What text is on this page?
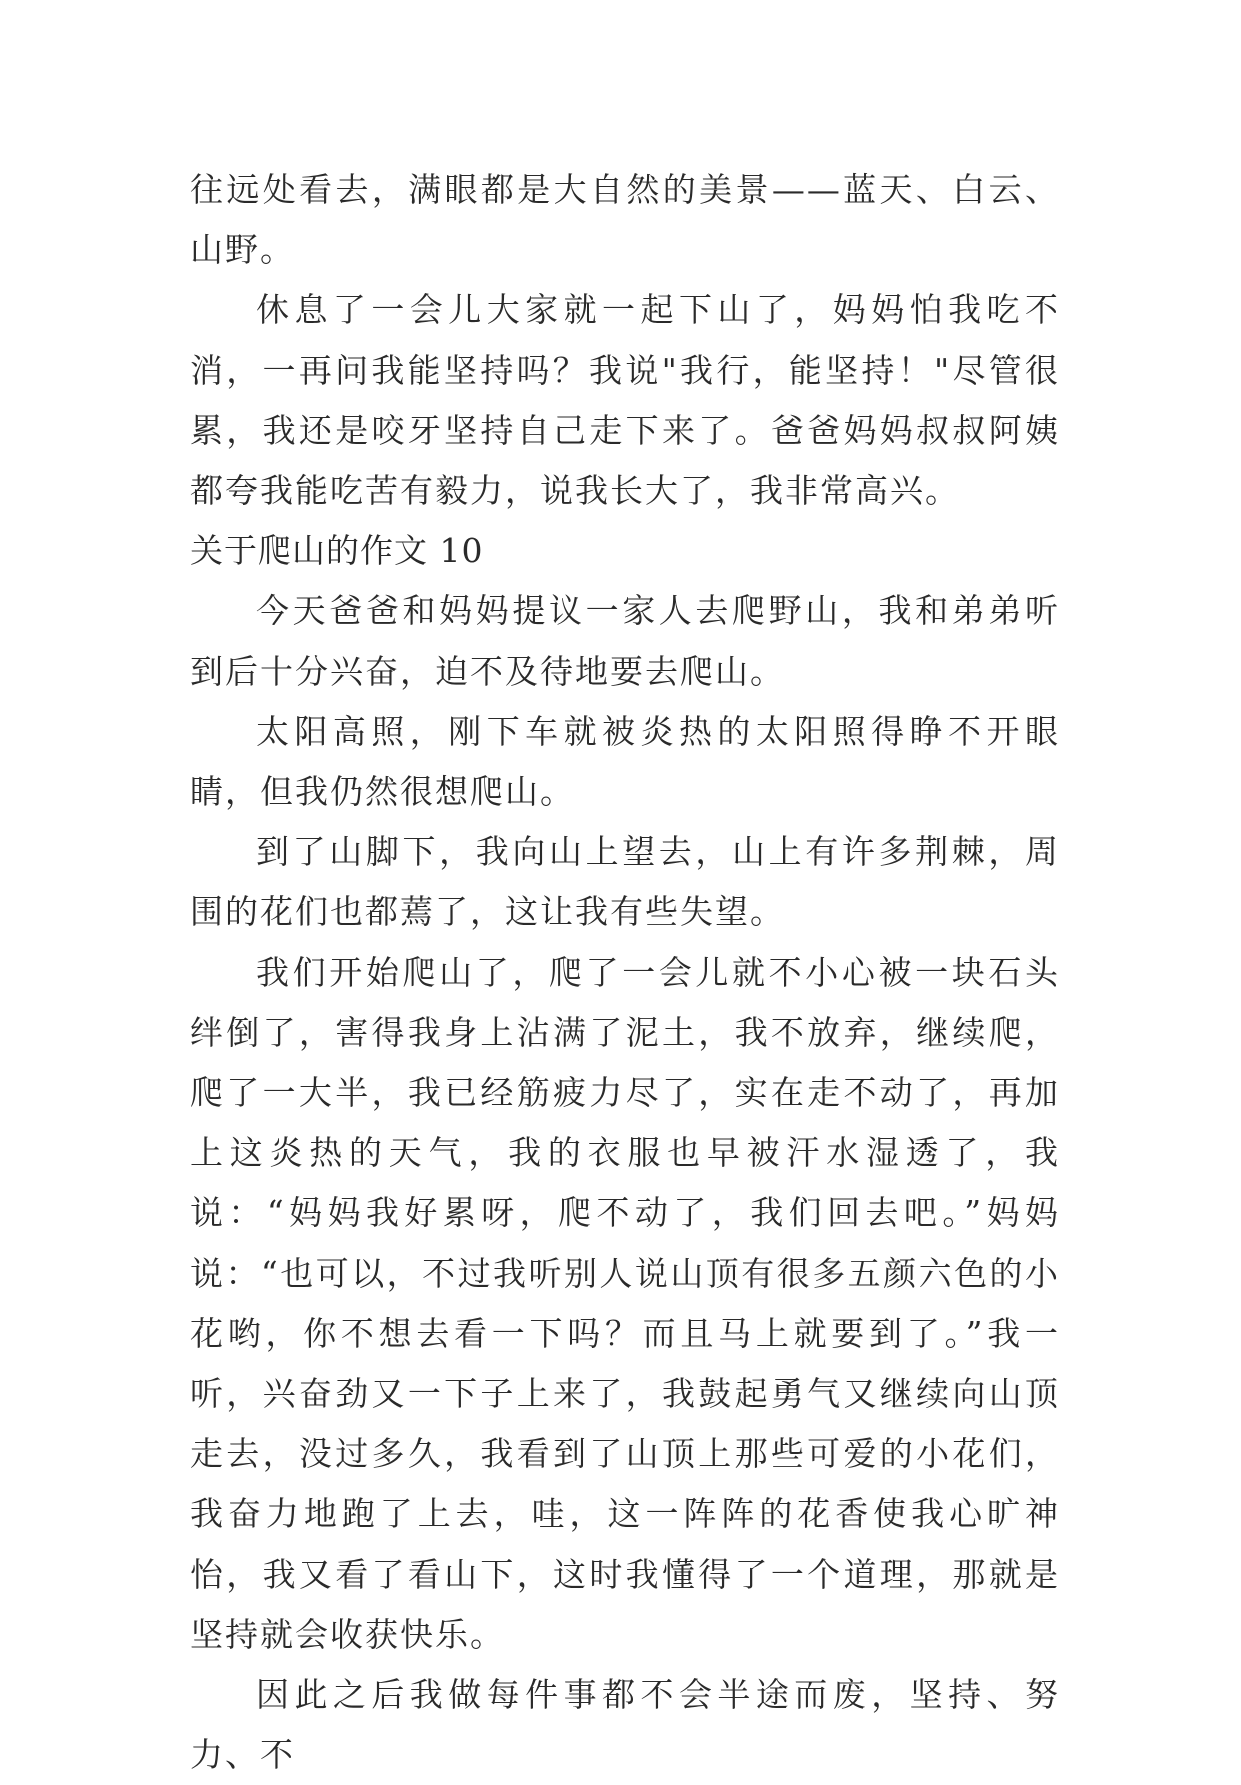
往远处看去，满眼都是大自然的美景——蓝天、白云、山野。

休息了一会儿大家就一起下山了，妈妈怕我吃不消，一再问我能坚持吗？我说"我行，能坚持！"尽管很累，我还是咬牙坚持自己走下来了。爸爸妈妈叔叔阿姨都夸我能吃苦有毅力，说我长大了，我非常高兴。

关于爬山的作文 10

今天爸爸和妈妈提议一家人去爬野山，我和弟弟听到后十分兴奋，迫不及待地要去爬山。

太阳高照，刚下车就被炎热的太阳照得睁不开眼睛，但我仍然很想爬山。

到了山脚下，我向山上望去，山上有许多荆棘，周围的花们也都蔫了，这让我有些失望。

我们开始爬山了，爬了一会儿就不小心被一块石头绊倒了，害得我身上沾满了泥土，我不放弃，继续爬，爬了一大半，我已经筋疲力尽了，实在走不动了，再加上这炎热的天气，我的衣服也早被汗水湿透了，我说：“妈妈我好累呀，爬不动了，我们回去吧。”妈妈说：“也可以，不过我听别人说山顶有很多五颜六色的小花哟，你不想去看一下吗？而且马上就要到了。”我一听，兴奋劲又一下子上来了，我鼓起勇气又继续向山顶走去，没过多久，我看到了山顶上那些可爱的小花们，我奋力地跑了上去，哇，这一阵阵的花香使我心旷神怡，我又看了看山下，这时我懂得了一个道理，那就是坚持就会收获快乐。

因此之后我做每件事都不会半途而废，坚持、努力、不
